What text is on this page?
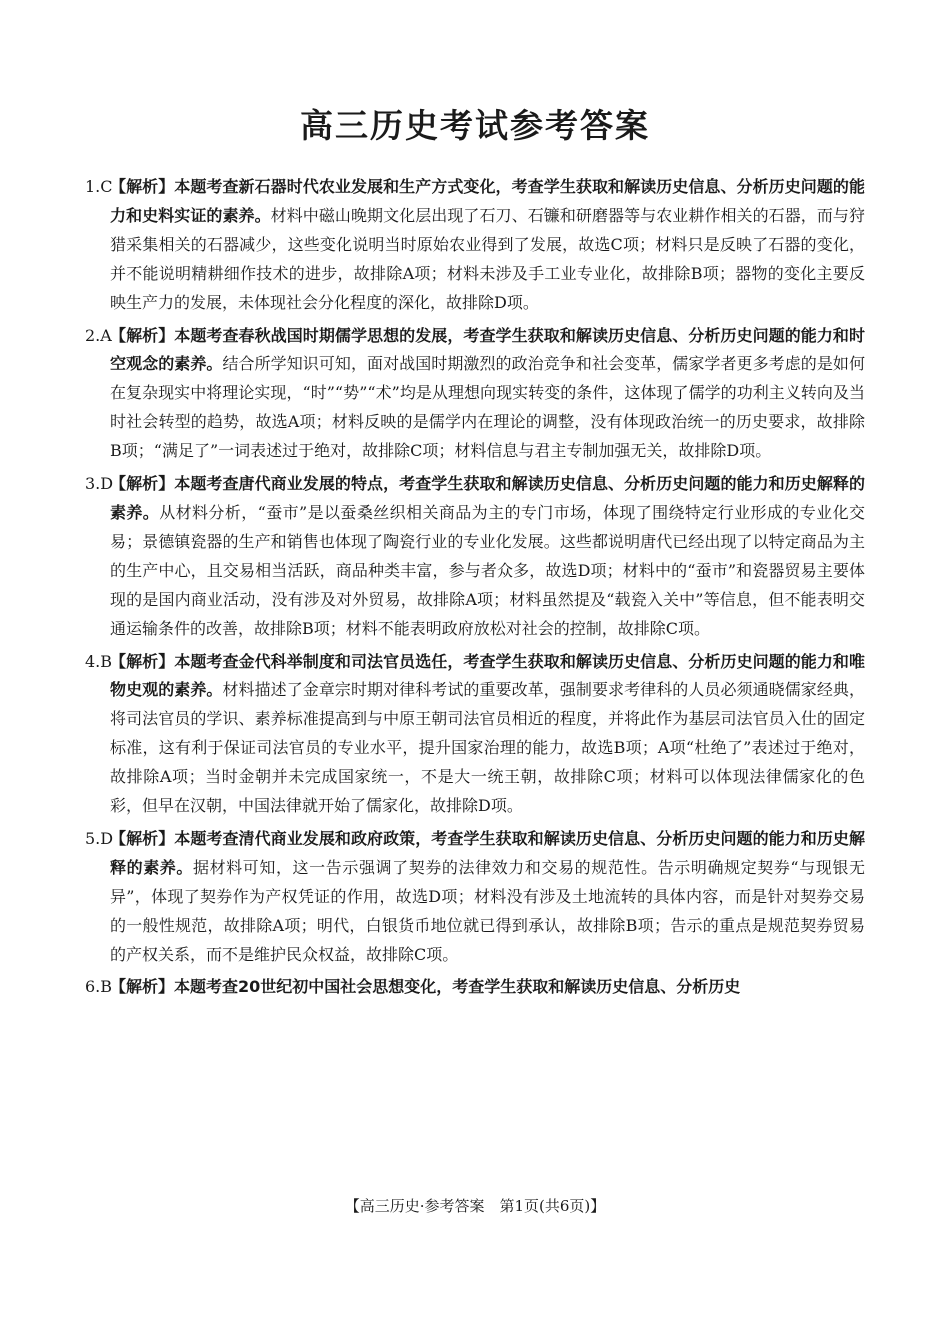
高三历史考试参考答案
1.C
【解析】本题考查新石器时代农业发展和生产方式变化，考查学生获取和解读历史信息、分析历史问题的能力和史料实证的素养。材料中磁山晚期文化层出现了石刀、石镰和研磨器等与农业耕作相关的石器，而与狩猎采集相关的石器减少，这些变化说明当时原始农业得到了发展，故选C项；材料只是反映了石器的变化，并不能说明精耕细作技术的进步，故排除A项；材料未涉及手工业专业化，故排除B项；器物的变化主要反映生产力的发展，未体现社会分化程度的深化，故排除D项。
2.A
【解析】本题考查春秋战国时期儒学思想的发展，考查学生获取和解读历史信息、分析历史问题的能力和时空观念的素养。结合所学知识可知，面对战国时期激烈的政治竞争和社会变革，儒家学者更多考虑的是如何在复杂现实中将理论实现，“时”“势”“术”均是从理想向现实转变的条件，这体现了儒学的功利主义转向及当时社会转型的趋势，故选A项；材料反映的是儒学内在理论的调整，没有体现政治统一的历史要求，故排除B项；“满足了”一词表述过于绝对，故排除C项；材料信息与君主专制加强无关，故排除D项。
3.D
【解析】本题考查唐代商业发展的特点，考查学生获取和解读历史信息、分析历史问题的能力和历史解释的素养。从材料分析，“蚕市”是以蚕桑丝织相关商品为主的专门市场，体现了围绕特定行业形成的专业化交易；景德镇瓷器的生产和销售也体现了陶瓷行业的专业化发展。这些都说明唐代已经出现了以特定商品为主的生产中心，且交易相当活跃，商品种类丰富，参与者众多，故选D项；材料中的“蚕市”和瓷器贸易主要体现的是国内商业活动，没有涉及对外贸易，故排除A项；材料虽然提及“载瓷入关中”等信息，但不能表明交通运输条件的改善，故排除B项；材料不能表明政府放松对社会的控制，故排除C项。
4.B
【解析】本题考查金代科举制度和司法官员选任，考查学生获取和解读历史信息、分析历史问题的能力和唯物史观的素养。材料描述了金章宗时期对律科考试的重要改革，强制要求考律科的人员必须通晓儒家经典，将司法官员的学识、素养标准提高到与中原王朝司法官员相近的程度，并将此作为基层司法官员入仕的固定标准，这有利于保证司法官员的专业水平，提升国家治理的能力，故选B项；A项“杜绝了”表述过于绝对，故排除A项；当时金朝并未完成国家统一，不是大一统王朝，故排除C项；材料可以体现法律儒家化的色彩，但早在汉朝，中国法律就开始了儒家化，故排除D项。
5.D
【解析】本题考查清代商业发展和政府政策，考查学生获取和解读历史信息、分析历史问题的能力和历史解释的素养。据材料可知，这一告示强调了契券的法律效力和交易的规范性。告示明确规定契券“与现银无异”，体现了契券作为产权凭证的作用，故选D项；材料没有涉及土地流转的具体内容，而是针对契券交易的一般性规范，故排除A项；明代，白银货币地位就已得到承认，故排除B项；告示的重点是规范契券贸易的产权关系，而不是维护民众权益，故排除C项。
6.B
【解析】本题考查20世纪初中国社会思想变化，考查学生获取和解读历史信息、分析历史
【高三历史·参考答案　第1页(共6页)】
